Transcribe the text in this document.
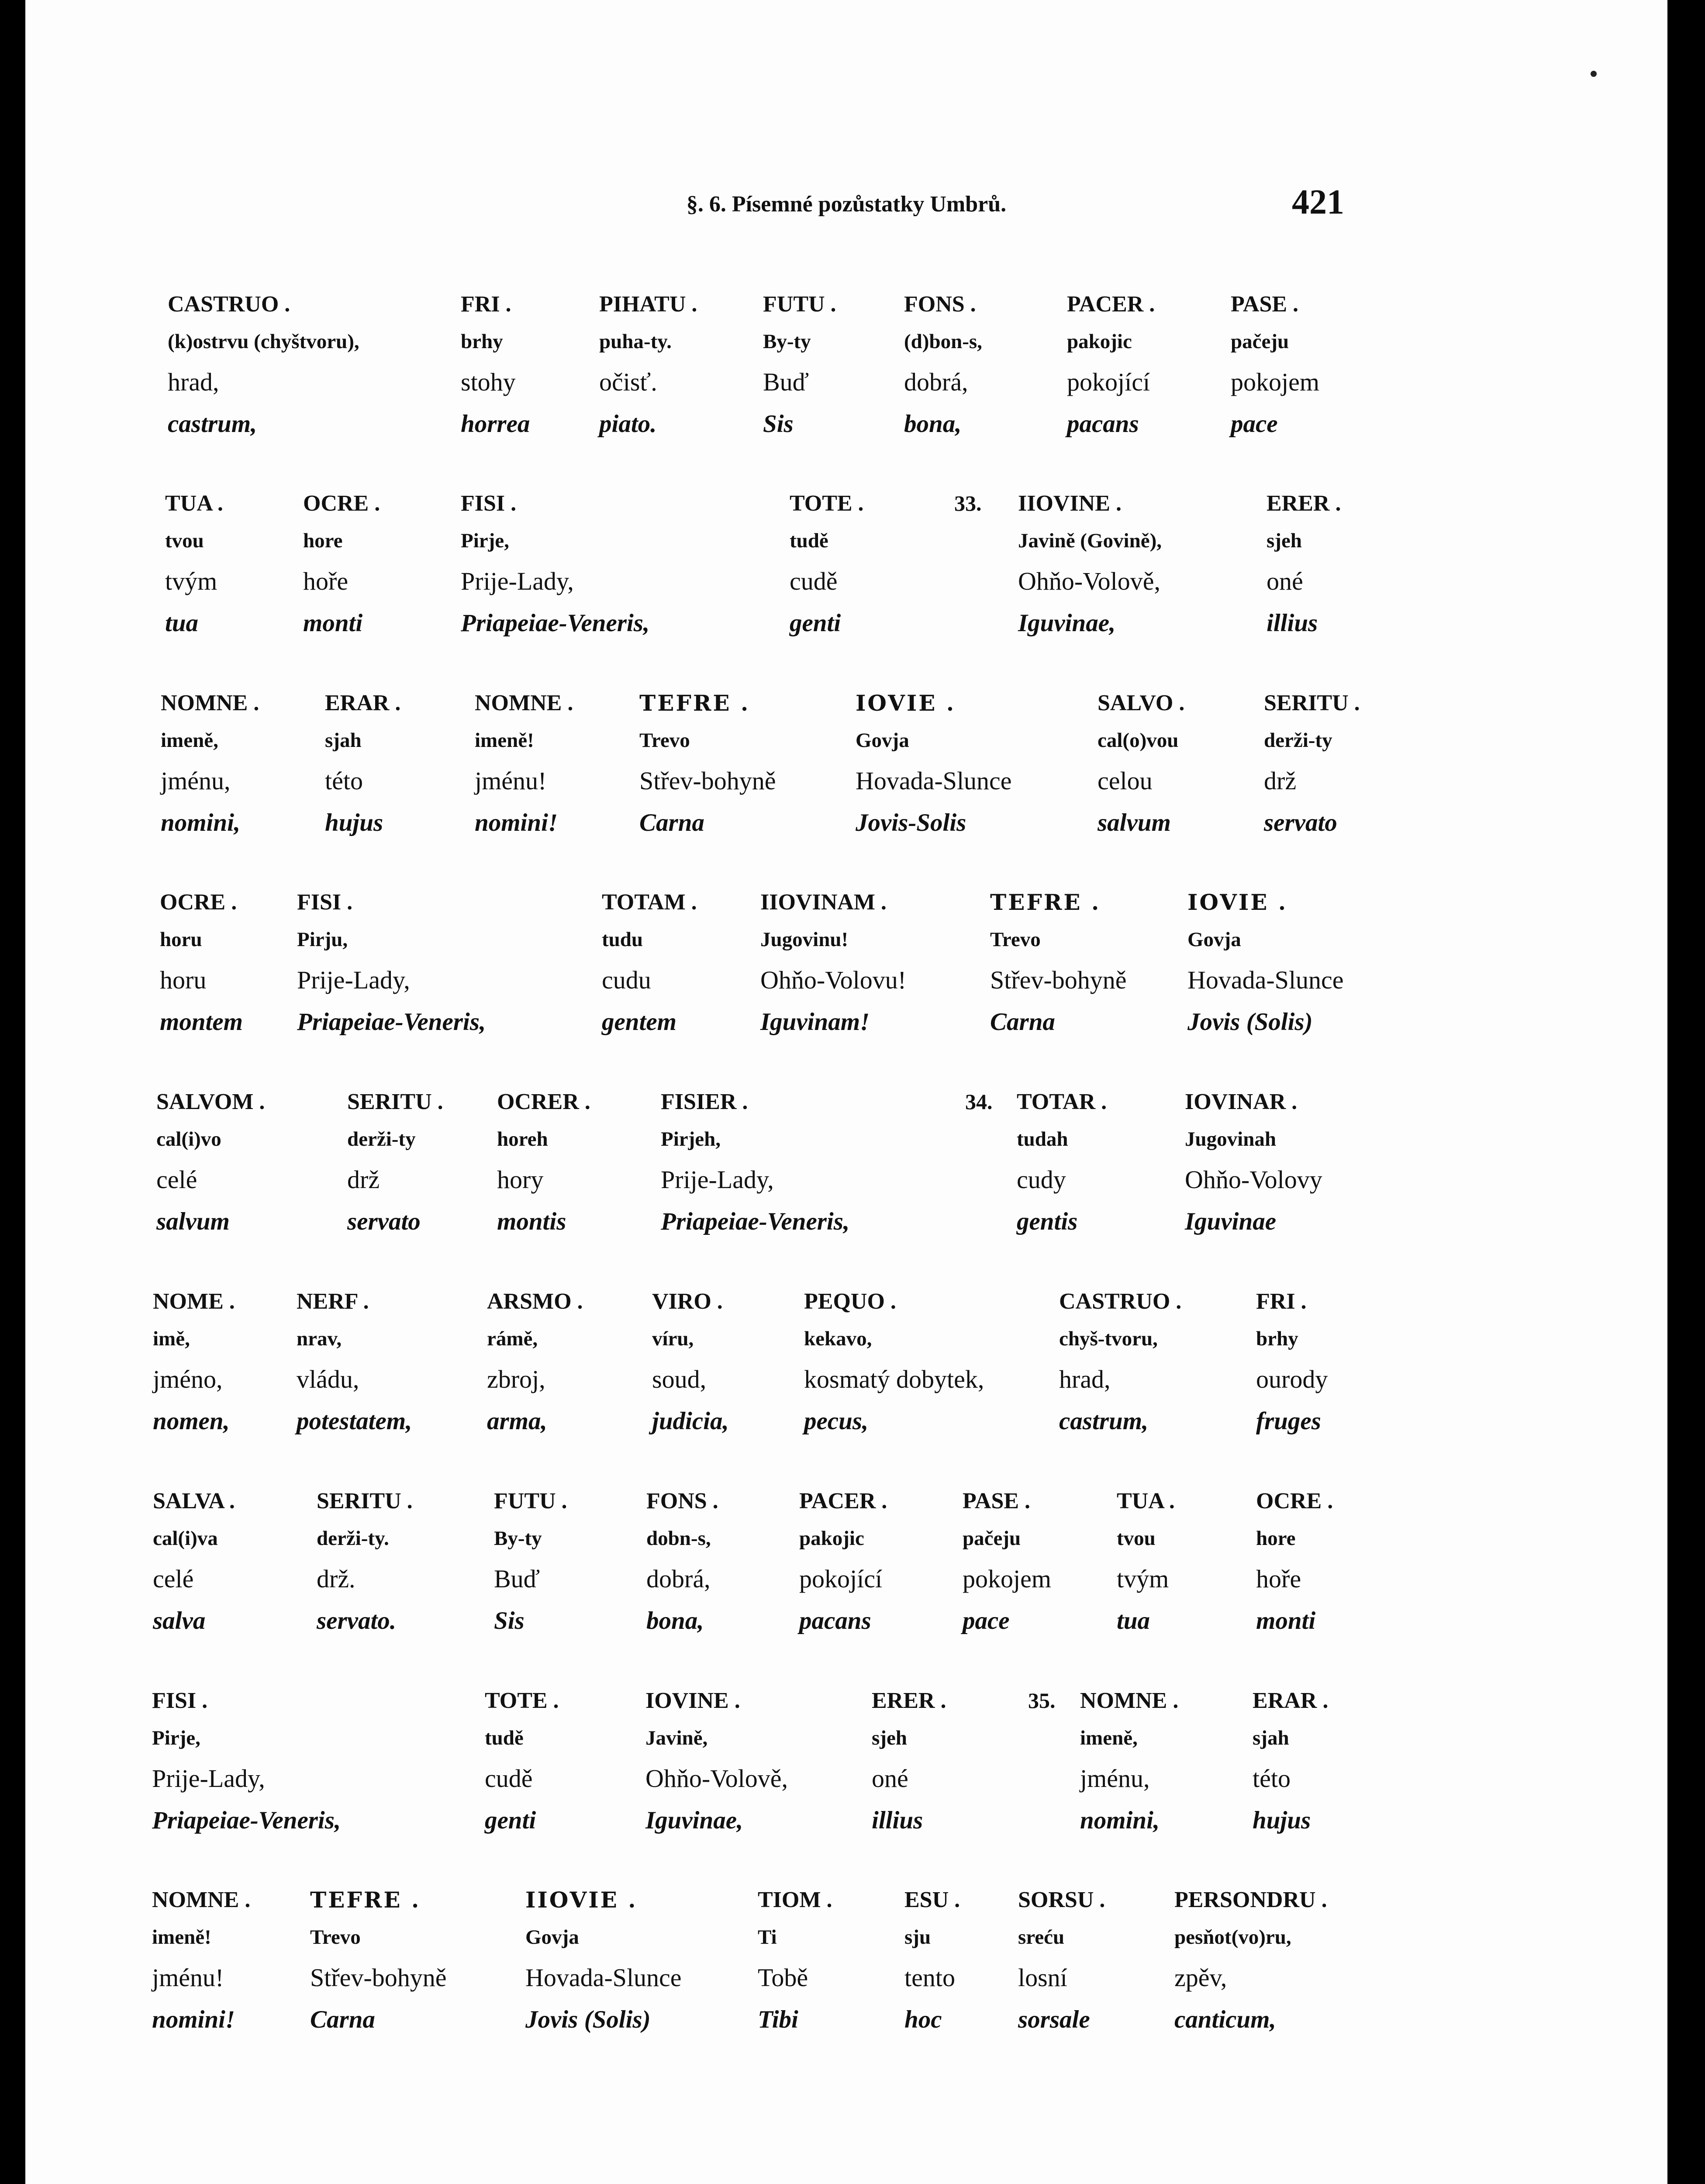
§. 6. Písemné pozůstatky Umbrů.	421
CASTRUO .
(k)ostrvu (chyštvoru),
hrad,
castrum,
FRI .
brhy
stohy
horrea
PIHATU .
puha-ty.
očisť.
piato.
FUTU .
By-ty
Buď
Sis
FONS .
(d)bon-s,
dobrá,
bona,
PACER .
pakojic
pokojící
pacans
PASE .
pačeju
pokojem
pace
TUA .
tvou
tvým
tua
OCRE .
hore
hoře
monti
FISI .
Pirje,
Prije-Lady,
Priapeiae-Veneris,
TOTE .
tudě
cudě
genti
33. IIOVINE .
Javině (Govině),
Ohňo-Volově,
Iguvinae,
ERER .
sjeh
oné
illius
NOMNE .
imeně,
jménu,
nomini,
ERAR .
sjah
této
hujus
NOMNE .
imeně!
jménu!
nomini!
TEFRE .
Trevo
Střev-bohyně
Carna
IOVIE .
Govja
Hovada-Slunce
Jovis-Solis
SALVO .
cal(o)vou
celou
salvum
SERITU .
derži-ty
drž
servato
OCRE .
horu
horu
montem
FISI .
Pirju,
Prije-Lady,
Priapeiae-Veneris,
TOTAM .
tudu
cudu
gentem
IIOVINAM .
Jugovinu!
Ohňo-Volovu!
Iguvinam!
TEFRE .
Trevo
Střev-bohyně
Carna
IOVIE .
Govja
Hovada-Slunce
Jovis (Solis)
SALVOM .
cal(i)vo
celé
salvum
SERITU .
derži-ty
drž
servato
OCRER .
horeh
hory
montis
FISIER .
Pirjeh,
Prije-Lady,
Priapeiae-Veneris,
34. TOTAR .
tudah
cudy
gentis
IOVINAR .
Jugovinah
Ohňo-Volovy
Iguvinae
NOME .
imě,
jméno,
nomen,
NERF .
nrav,
vládu,
potestatem,
ARSMO .
rámě,
zbroj,
arma,
VIRO .
víru,
soud,
judicia,
PEQUO .
kekavo,
kosmatý dobytek,
pecus,
CASTRUO .
chyš-tvoru,
hrad,
castrum,
FRI .
brhy
ourody
fruges
SALVA .
cal(i)va
celé
salva
SERITU .
derži-ty.
drž.
servato.
FUTU .
By-ty
Buď
Sis
FONS .
dobn-s,
dobrá,
bona,
PACER .
pakojic
pokojící
pacans
PASE .
pačeju
pokojem
pace
TUA .
tvou
tvým
tua
OCRE .
hore
hoře
monti
FISI .
Pirje,
Prije-Lady,
Priapeiae-Veneris,
TOTE .
tudě
cudě
genti
IOVINE .
Javině,
Ohňo-Volově,
Iguvinae,
ERER .
sjeh
oné
illius
35. NOMNE .
imeně,
jménu,
nomini,
ERAR .
sjah
této
hujus
NOMNE .
imeně!
jménu!
nomini!
TEFRE .
Trevo
Střev-bohyně
Carna
IIOVIE .
Govja
Hovada-Slunce
Jovis (Solis)
TIOM .
Ti
Tobě
Tibi
ESU .
sju
tento
hoc
SORSU .
sreću
losní
sorsale
PERSONDRU .
pesňot(vo)ru,
zpěv,
canticum,
